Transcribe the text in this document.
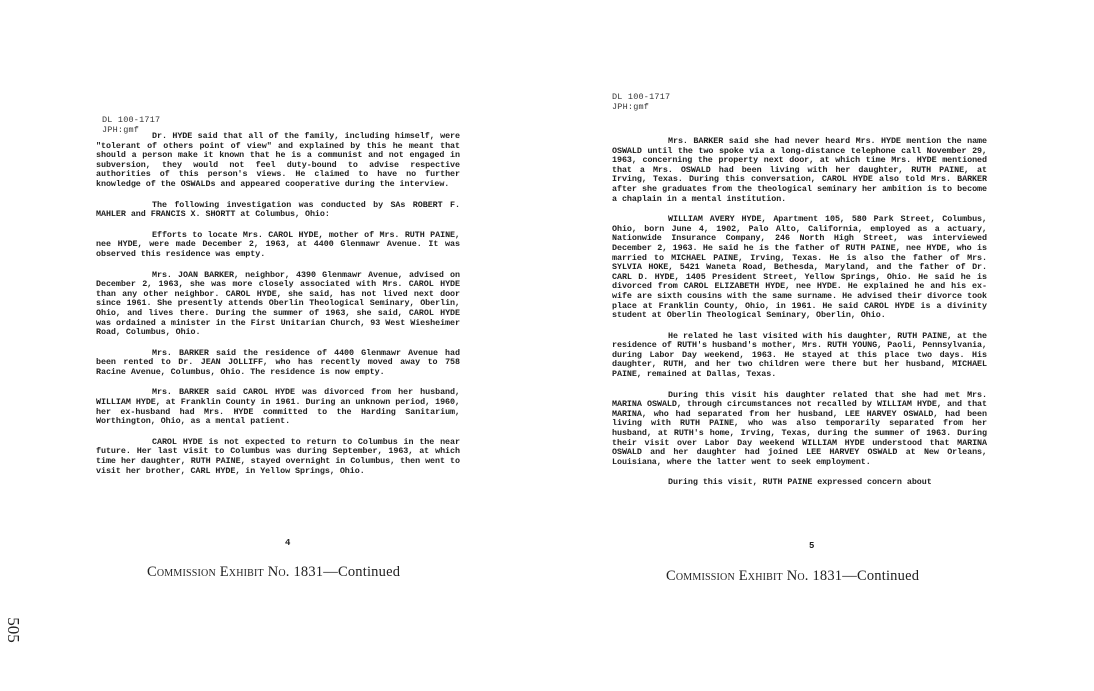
505
DL 100-1717
JPH:gmf

Dr. HYDE said that all of the family, including himself, were "tolerant of others point of view" and explained by this he meant that should a person make it known that he is a communist and not engaged in subversion, they would not feel duty-bound to advise respective authorities of this person's views. He claimed to have no further knowledge of the OSWALDs and appeared cooperative during the interview.

The following investigation was conducted by SAs ROBERT F. MAHLER and FRANCIS X. SHORTT at Columbus, Ohio:

Efforts to locate Mrs. CAROL HYDE, mother of Mrs. RUTH PAINE, nee HYDE, were made December 2, 1963, at 4400 Glenmawr Avenue. It was observed this residence was empty.

Mrs. JOAN BARKER, neighbor, 4390 Glenmawr Avenue, advised on December 2, 1963, she was more closely associated with Mrs. CAROL HYDE than any other neighbor. CAROL HYDE, she said, has not lived next door since 1961. She presently attends Oberlin Theological Seminary, Oberlin, Ohio, and lives there. During the summer of 1963, she said, CAROL HYDE was ordained a minister in the First Unitarian Church, 93 West Wiesheimer Road, Columbus, Ohio.

Mrs. BARKER said the residence of 4400 Glenmawr Avenue had been rented to Dr. JEAN JOLLIFF, who has recently moved away to 758 Racine Avenue, Columbus, Ohio. The residence is now empty.

Mrs. BARKER said CAROL HYDE was divorced from her husband, WILLIAM HYDE, at Franklin County in 1961. During an unknown period, 1960, her ex-husband had Mrs. HYDE committed to the Harding Sanitarium, Worthington, Ohio, as a mental patient.

CAROL HYDE is not expected to return to Columbus in the near future. Her last visit to Columbus was during September, 1963, at which time her daughter, RUTH PAINE, stayed overnight in Columbus, then went to visit her brother, CARL HYDE, in Yellow Springs, Ohio.

4
Commission Exhibit No. 1831—Continued
DL 100-1717
JPH:gmf

Mrs. BARKER said she had never heard Mrs. HYDE mention the name OSWALD until the two spoke via a long-distance telephone call November 29, 1963, concerning the property next door, at which time Mrs. HYDE mentioned that a Mrs. OSWALD had been living with her daughter, RUTH PAINE, at Irving, Texas. During this conversation, CAROL HYDE also told Mrs. BARKER after she graduates from the theological seminary her ambition is to become a chaplain in a mental institution.

WILLIAM AVERY HYDE, Apartment 105, 580 Park Street, Columbus, Ohio, born June 4, 1902, Palo Alto, California, employed as a actuary, Nationwide Insurance Company, 246 North High Street, was interviewed December 2, 1963. He said he is the father of RUTH PAINE, nee HYDE, who is married to MICHAEL PAINE, Irving, Texas. He is also the father of Mrs. SYLVIA HOKE, 5421 Waneta Road, Bethesda, Maryland, and the father of Dr. CARL D. HYDE, 1405 President Street, Yellow Springs, Ohio. He said he is divorced from CAROL ELIZABETH HYDE, nee HYDE. He explained he and his ex-wife are sixth cousins with the same surname. He advised their divorce took place at Franklin County, Ohio, in 1961. He said CAROL HYDE is a divinity student at Oberlin Theological Seminary, Oberlin, Ohio.

He related he last visited with his daughter, RUTH PAINE, at the residence of RUTH's husband's mother, Mrs. RUTH YOUNG, Paoli, Pennsylvania, during Labor Day weekend, 1963. He stayed at this place two days. His daughter, RUTH, and her two children were there but her husband, MICHAEL PAINE, remained at Dallas, Texas.

During this visit his daughter related that she had met Mrs. MARINA OSWALD, through circumstances not recalled by WILLIAM HYDE, and that MARINA, who had separated from her husband, LEE HARVEY OSWALD, had been living with RUTH PAINE, who was also temporarily separated from her husband, at RUTH's home, Irving, Texas, during the summer of 1963. During their visit over Labor Day weekend WILLIAM HYDE understood that MARINA OSWALD and her daughter had joined LEE HARVEY OSWALD at New Orleans, Louisiana, where the latter went to seek employment.

During this visit, RUTH PAINE expressed concern about

5
Commission Exhibit No. 1831—Continued
